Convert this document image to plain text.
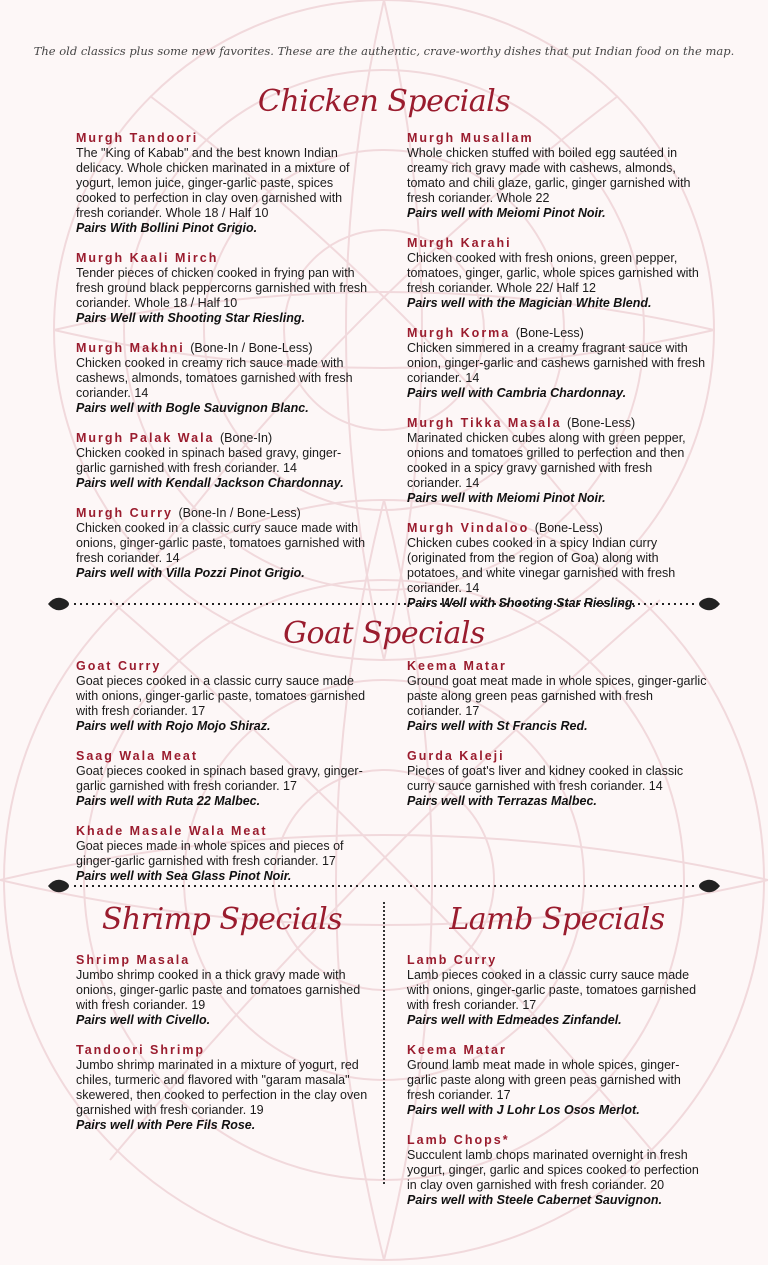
The old classics plus some new favorites. These are the authentic, crave-worthy dishes that put Indian food on the map.
Chicken Specials
Murgh Tandoori
The "King of Kabab" and the best known Indian delicacy. Whole chicken marinated in a mixture of yogurt, lemon juice, ginger-garlic paste, spices cooked to perfection in clay oven garnished with fresh coriander. Whole 18 / Half 10
Pairs With Bollini Pinot Grigio.
Murgh Kaali Mirch
Tender pieces of chicken cooked in frying pan with fresh ground black peppercorns garnished with fresh coriander. Whole 18 / Half 10
Pairs Well with Shooting Star Riesling.
Murgh Makhni (Bone-In / Bone-Less)
Chicken cooked in creamy rich sauce made with cashews, almonds, tomatoes garnished with fresh coriander. 14
Pairs well with Bogle Sauvignon Blanc.
Murgh Palak Wala (Bone-In)
Chicken cooked in spinach based gravy, ginger-garlic garnished with fresh coriander. 14
Pairs well with Kendall Jackson Chardonnay.
Murgh Curry (Bone-In / Bone-Less)
Chicken cooked in a classic curry sauce made with onions, ginger-garlic paste, tomatoes garnished with fresh coriander. 14
Pairs well with Villa Pozzi Pinot Grigio.
Murgh Musallam
Whole chicken stuffed with boiled egg sautéed in creamy rich gravy made with cashews, almonds, tomato and chili glaze, garlic, ginger garnished with fresh coriander. Whole 22
Pairs well with Meiomi Pinot Noir.
Murgh Karahi
Chicken cooked with fresh onions, green pepper, tomatoes, ginger, garlic, whole spices garnished with fresh coriander. Whole 22/ Half 12
Pairs well with the Magician White Blend.
Murgh Korma (Bone-Less)
Chicken simmered in a creamy fragrant sauce with onion, ginger-garlic and cashews garnished with fresh coriander. 14
Pairs well with Cambria Chardonnay.
Murgh Tikka Masala (Bone-Less)
Marinated chicken cubes along with green pepper, onions and tomatoes grilled to perfection and then cooked in a spicy gravy garnished with fresh coriander. 14
Pairs well with Meiomi Pinot Noir.
Murgh Vindaloo (Bone-Less)
Chicken cubes cooked in a spicy Indian curry (originated from the region of Goa) along with potatoes, and white vinegar garnished with fresh coriander. 14
Pairs Well with Shooting Star Riesling.
Goat Specials
Goat Curry
Goat pieces cooked in a classic curry sauce made with onions, ginger-garlic paste, tomatoes garnished with fresh coriander. 17
Pairs well with Rojo Mojo Shiraz.
Saag Wala Meat
Goat pieces cooked in spinach based gravy, ginger-garlic garnished with fresh coriander. 17
Pairs well with Ruta 22 Malbec.
Khade Masale Wala Meat
Goat pieces made in whole spices and pieces of ginger-garlic garnished with fresh coriander. 17
Pairs well with Sea Glass Pinot Noir.
Keema Matar
Ground goat meat made in whole spices, ginger-garlic paste along green peas garnished with fresh coriander. 17
Pairs well with St Francis Red.
Gurda Kaleji
Pieces of goat's liver and kidney cooked in classic curry sauce garnished with fresh coriander. 14
Pairs well with Terrazas Malbec.
Shrimp Specials
Shrimp Masala
Jumbo shrimp cooked in a thick gravy made with onions, ginger-garlic paste and tomatoes garnished with fresh coriander. 19
Pairs well with Civello.
Tandoori Shrimp
Jumbo shrimp marinated in a mixture of yogurt, red chiles, turmeric and flavored with "garam masala" skewered, then cooked to perfection in the clay oven garnished with fresh coriander. 19
Pairs well with Pere Fils Rose.
Lamb Specials
Lamb Curry
Lamb pieces cooked in a classic curry sauce made with onions, ginger-garlic paste, tomatoes garnished with fresh coriander. 17
Pairs well with Edmeades Zinfandel.
Keema Matar
Ground lamb meat made in whole spices, ginger-garlic paste along with green peas garnished with fresh coriander. 17
Pairs well with J Lohr Los Osos Merlot.
Lamb Chops*
Succulent lamb chops marinated overnight in fresh yogurt, ginger, garlic and spices cooked to perfection in clay oven garnished with fresh coriander. 20
Pairs well with Steele Cabernet Sauvignon.
